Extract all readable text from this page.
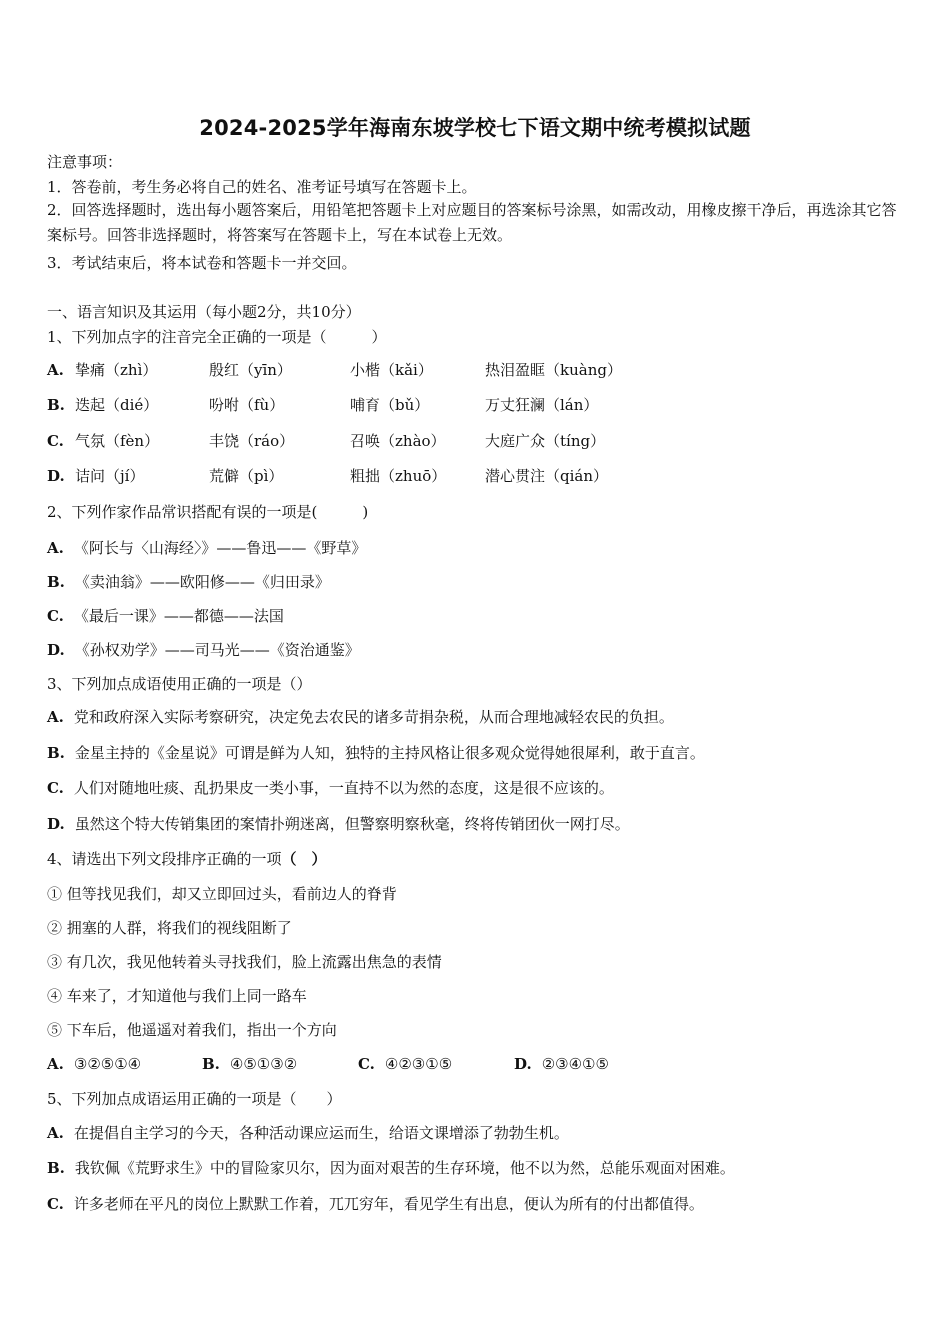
2024-2025学年海南东坡学校七下语文期中统考模拟试题
注意事项：
1．答卷前，考生务必将自己的姓名、准考证号填写在答题卡上。
2．回答选择题时，选出每小题答案后，用铅笔把答题卡上对应题目的答案标号涂黑，如需改动，用橡皮擦干净后，再选涂其它答案标号。回答非选择题时，将答案写在答题卡上，写在本试卷上无效。
3．考试结束后，将本试卷和答题卡一并交回。
一、语言知识及其运用（每小题2分，共10分）
1、下列加点字的注音完全正确的一项是（　　　）
A. 挚痛（zhì）	殷红（yīn）	小楷（kǎi）	热泪盈眶（kuàng）
B. 迭起（dié）	吩咐（fù）	哺育（bǔ）	万丈狂澜（lán）
C. 气氛（fèn）	丰饶（ráo）	召唤（zhào）	大庭广众（tíng）
D. 诘问（jí）	荒僻（pì）	粗拙（zhuō）	潜心贯注（qián）
2、下列作家作品常识搭配有误的一项是(　　　)
A. 《阿长与〈山海经〉》——鲁迅——《野草》
B. 《卖油翁》——欧阳修——《归田录》
C. 《最后一课》——都德——法国
D. 《孙权劝学》——司马光——《资治通鉴》
3、下列加点成语使用正确的一项是（）
A. 党和政府深入实际考察研究，决定免去农民的诸多苛捐杂税，从而合理地减轻农民的负担。
B. 金星主持的《金星说》可谓是鲜为人知，独特的主持风格让很多观众觉得她很犀利，敢于直言。
C. 人们对随地吐痰、乱扔果皮一类小事，一直持不以为然的态度，这是很不应该的。
D. 虽然这个特大传销集团的案情扑朔迷离，但警察明察秋毫，终将传销团伙一网打尽。
4、请选出下列文段排序正确的一项（　）
① 但等找见我们，却又立即回过头，看前边人的脊背
② 拥塞的人群，将我们的视线阻断了
③ 有几次，我见他转着头寻找我们，脸上流露出焦急的表情
④ 车来了，才知道他与我们上同一路车
⑤ 下车后，他遥遥对着我们，指出一个方向
A. ③②⑤①④	B. ④⑤①③②	C. ④②③①⑤	D. ②③④①⑤
5、下列加点成语运用正确的一项是（　　）
A. 在提倡自主学习的今天，各种活动课应运而生，给语文课增添了勃勃生机。
B. 我钦佩《荒野求生》中的冒险家贝尔，因为面对艰苦的生存环境，他不以为然，总能乐观面对困难。
C. 许多老师在平凡的岗位上默默工作着，兀兀穷年，看见学生有出息，便认为所有的付出都值得。
